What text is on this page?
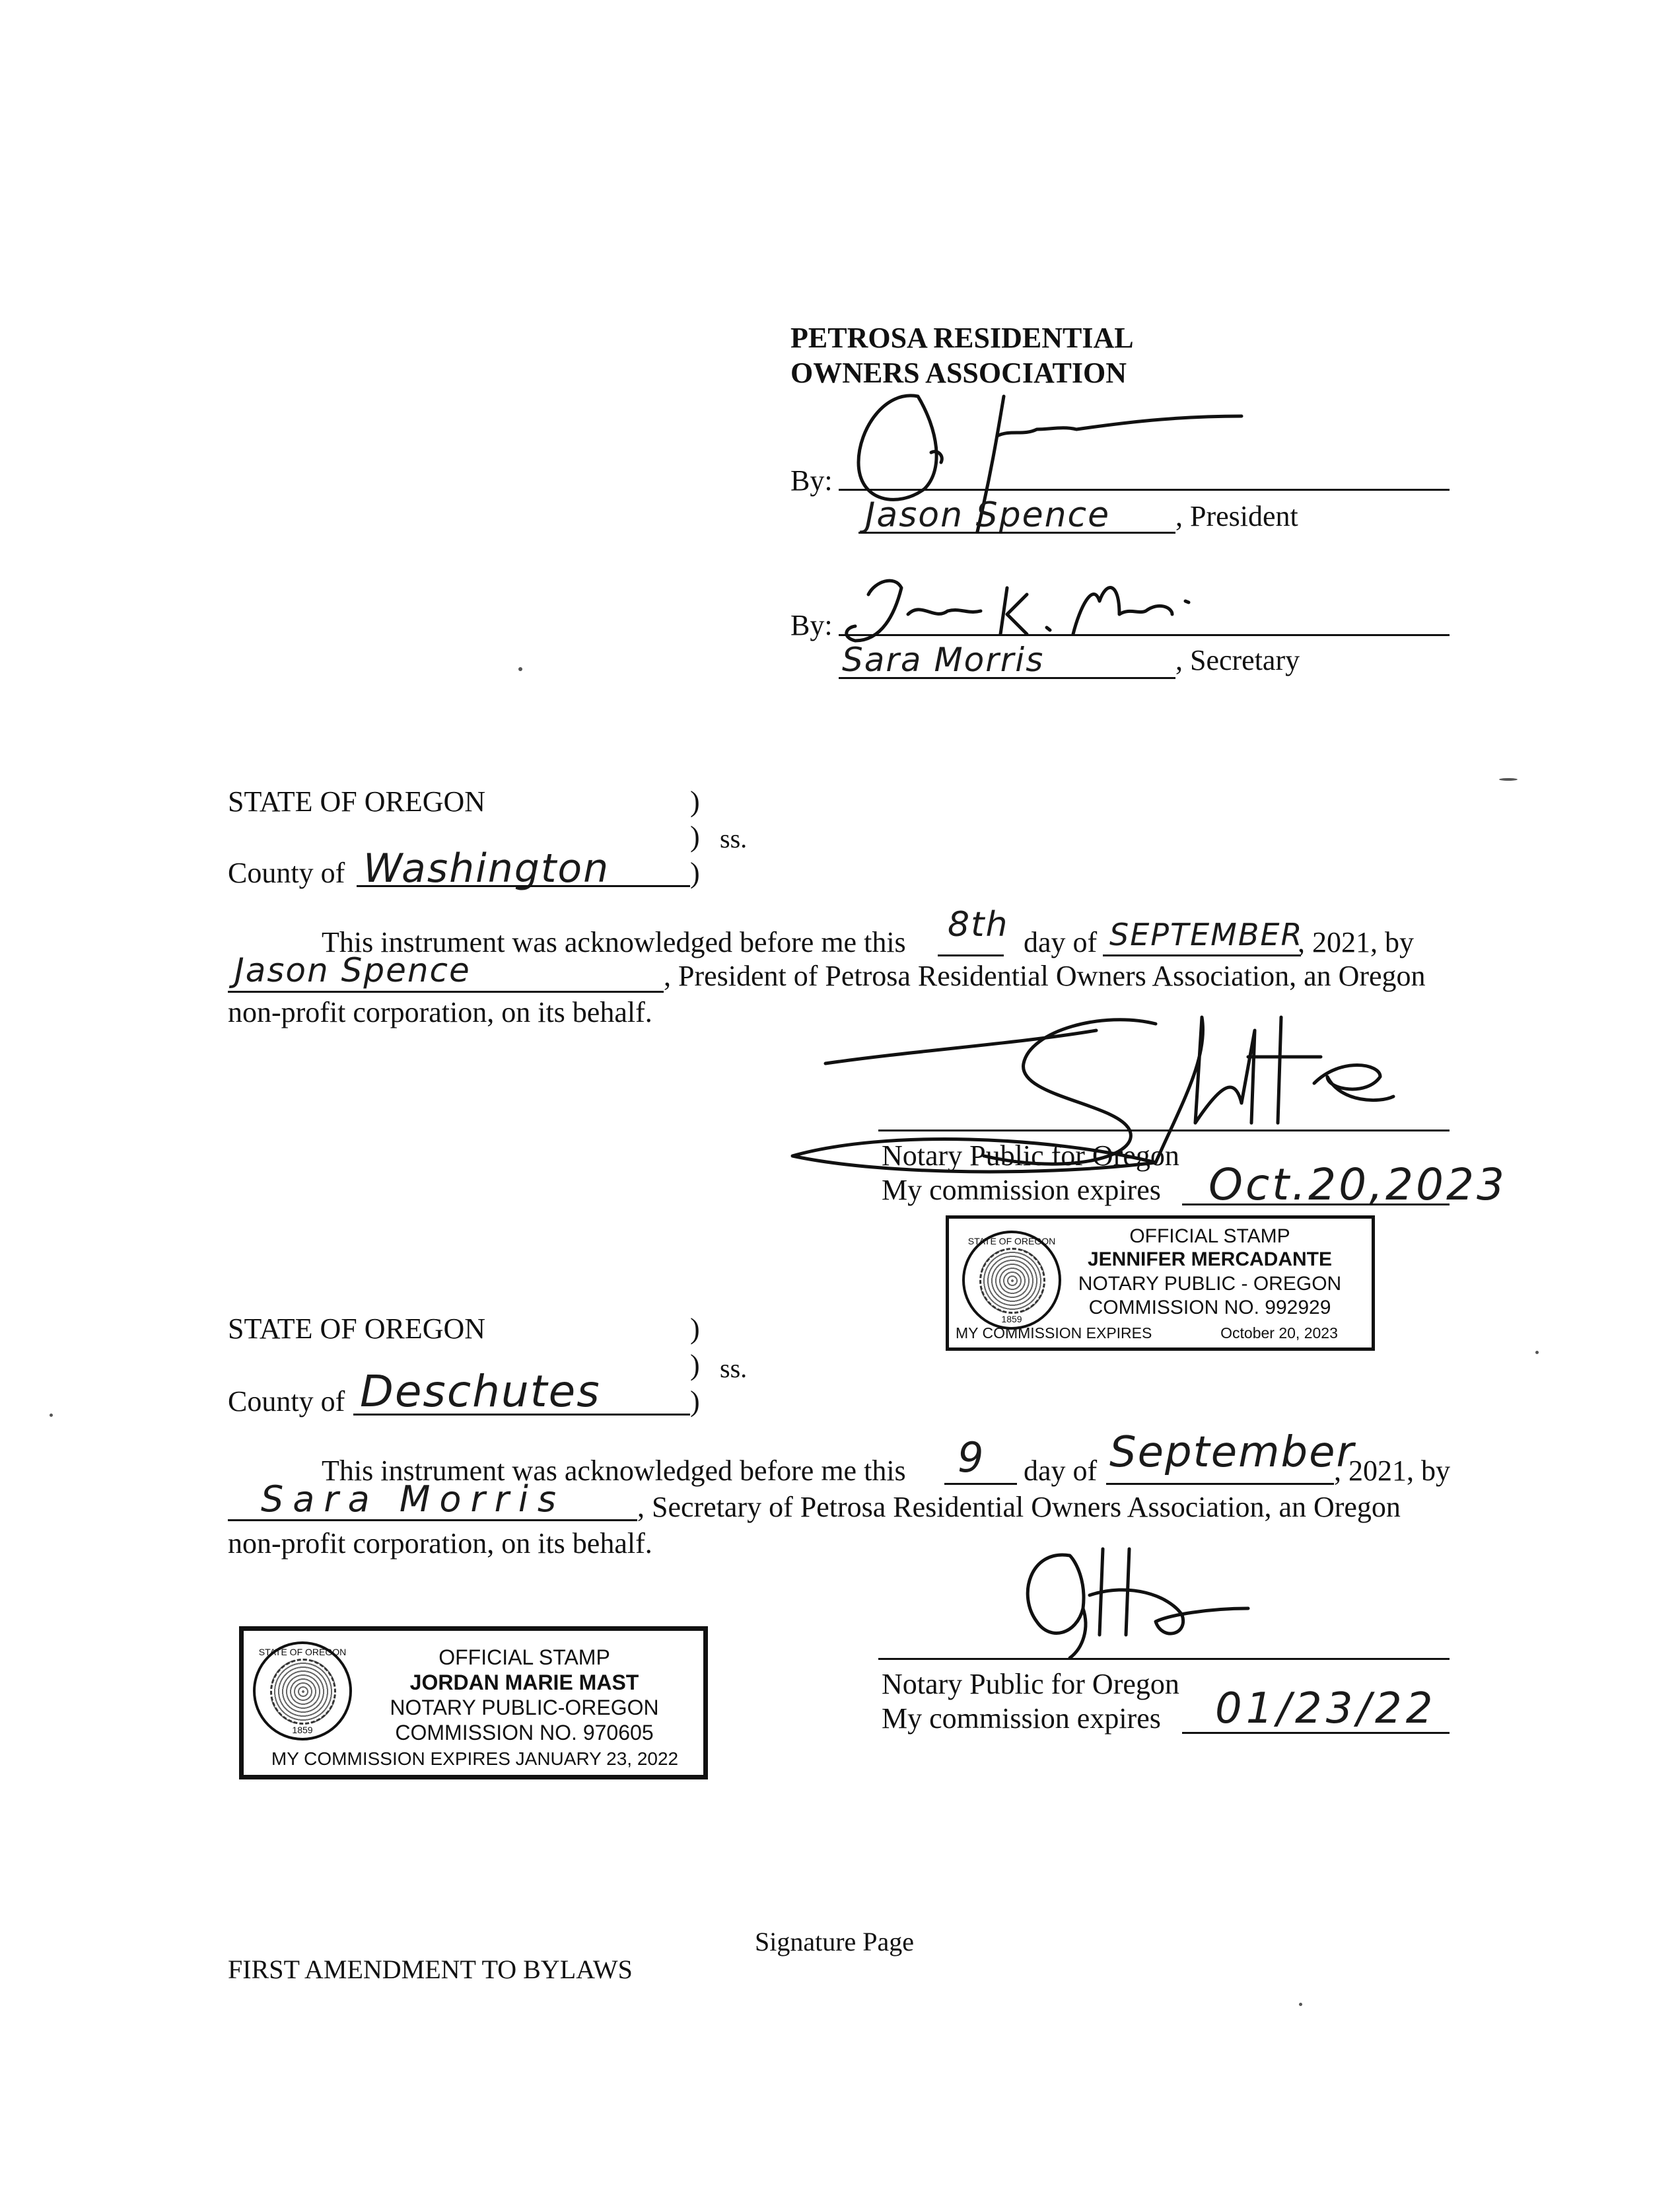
PETROSA RESIDENTIAL
OWNERS ASSOCIATION
By:
Jason Spence , President
By:
Sara Morris	, Secretary
STATE OF OREGON	)
) ss.
County of Washington	)
This instrument was acknowledged before me this 8th day of SEPTEMBER
, 2021, by
Jason Spence	, President of Petrosa Residential Owners Association, an Oregon
non-profit corporation, on its behalf.
Notary Public for Oregon
My commission expires Oct.20,2023
STATE OF OREGON
1859
OFFICIAL STAMP
JENNIFER MERCADANTE
NOTARY PUBLIC - OREGON
COMMISSION NO. 992929
MY COMMISSION EXPIRES	October 20, 2023
STATE OF OREGON	)
) ss.
County of Deschutes	)
This instrument was acknowledged before me this 9 day of September
, 2021, by
Sara Morris , Secretary of Petrosa Residential Owners Association, an Oregon
non-profit corporation, on its behalf.
Notary Public for Oregon
My commission expires 01/23/22
STATE OF OREGON
1859
OFFICIAL STAMP
JORDAN MARIE MAST
NOTARY PUBLIC-OREGON
COMMISSION NO. 970605
MY COMMISSION EXPIRES JANUARY 23, 2022
Signature Page
FIRST AMENDMENT TO BYLAWS
